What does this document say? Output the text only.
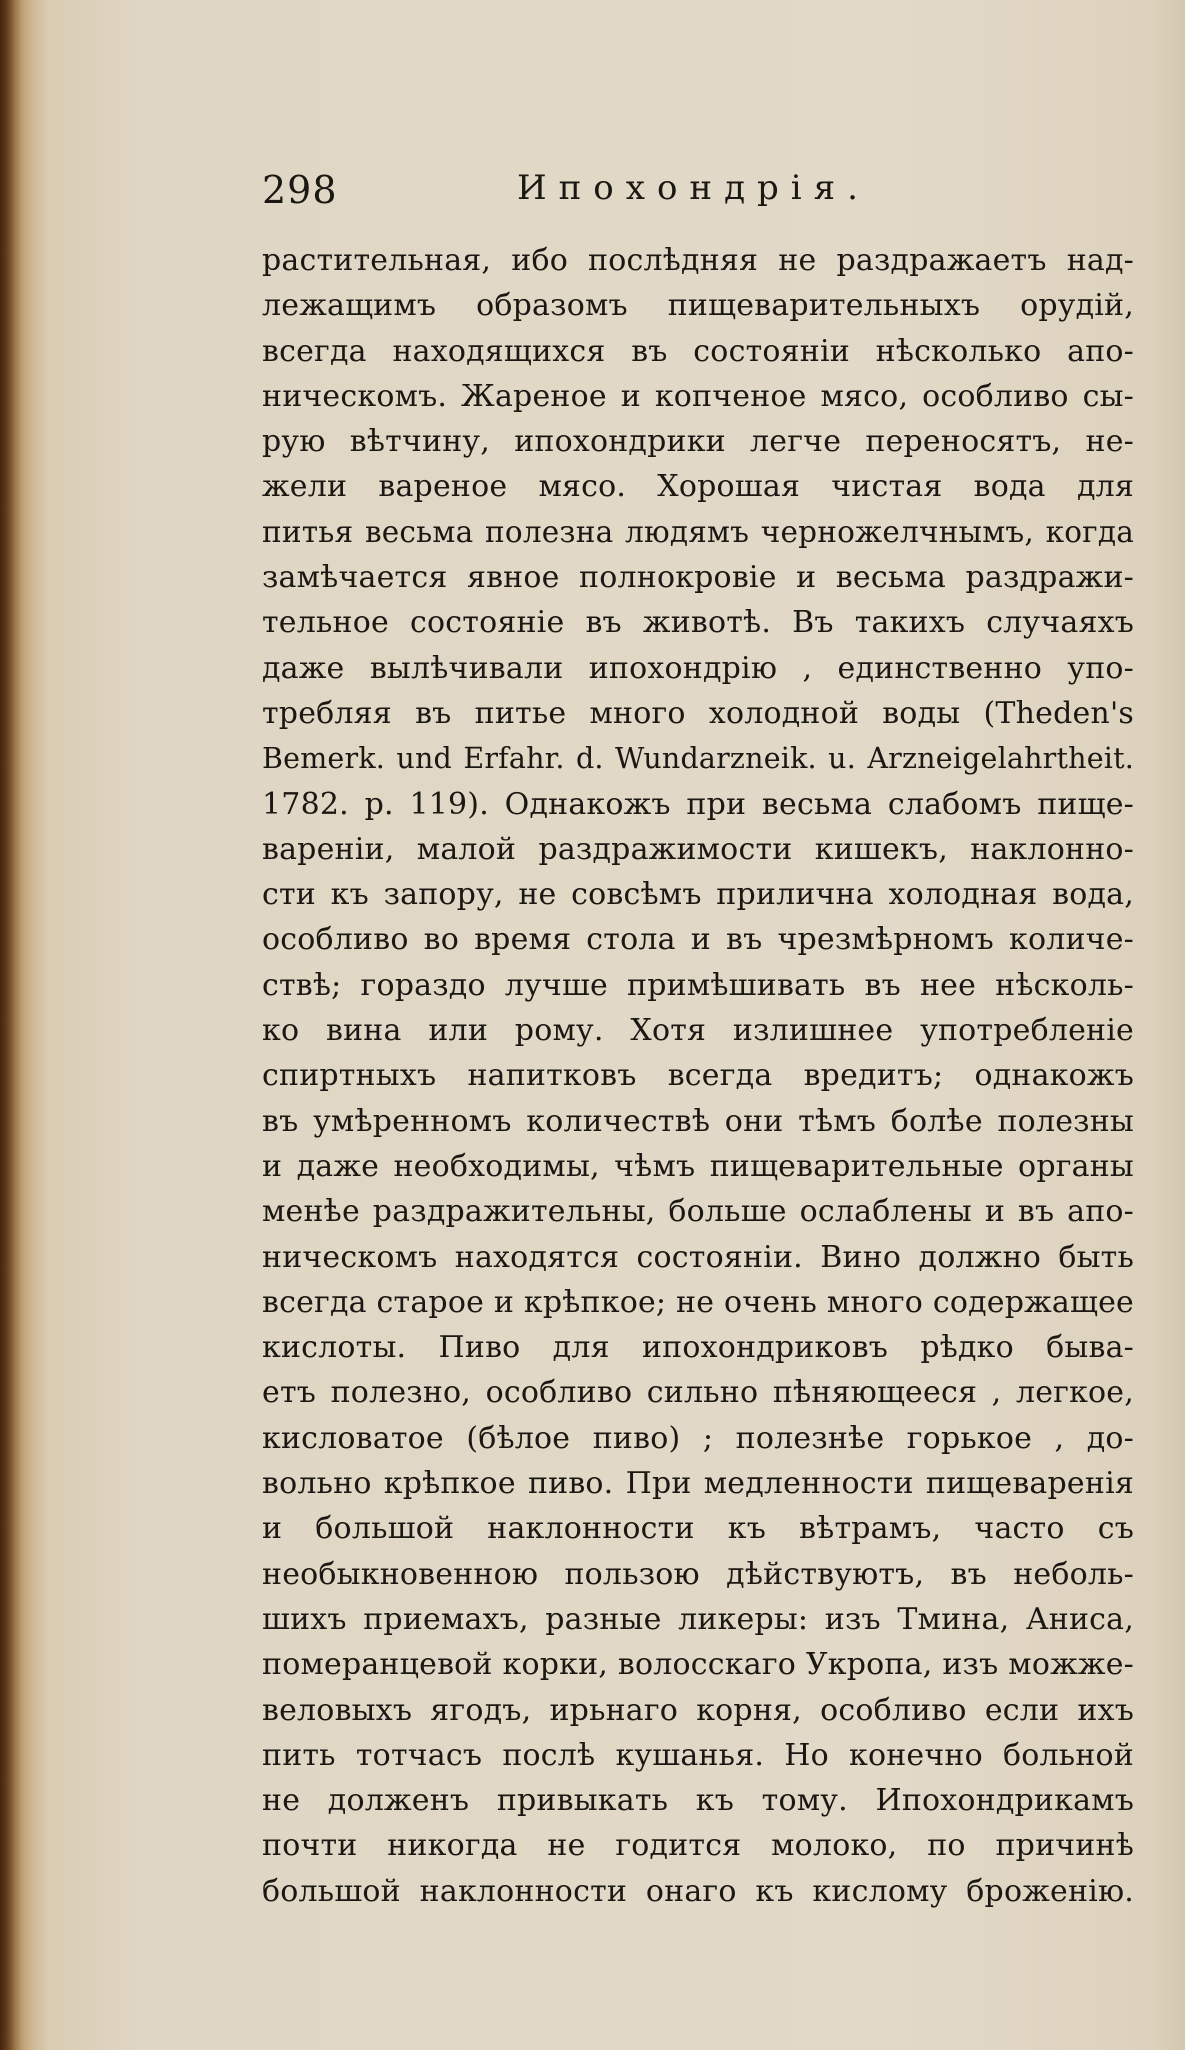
298	Ипохондрія.
растительная, ибо послѣдняя не раздражаетъ над-
лежащимъ образомъ пищеварительныхъ орудій,
всегда находящихся въ состояніи нѣсколько апо-
ническомъ. Жареное и копченое мясо, особливо сы-
рую вѣтчину, ипохондрики легче переносятъ, не-
жели вареное мясо. Хорошая чистая вода для
питья весьма полезна людямъ черножелчнымъ, когда
замѣчается явное полнокровіе и весьма раздражи-
тельное состояніе въ животѣ. Въ такихъ случаяхъ
даже вылѣчивали ипохондрію , единственно упо-
требляя въ питье много холодной воды (Theden's
Bemerk. und Erfahr. d. Wundarzneik. u. Arzneigelahrtheit.
1782. p. 119). Однакожъ при весьма слабомъ пище-
вареніи, малой раздражимости кишекъ, наклонно-
сти къ запору, не совсѣмъ прилична холодная вода,
особливо во время стола и въ чрезмѣрномъ количе-
ствѣ; гораздо лучше примѣшивать въ нее нѣсколь-
ко вина или рому. Хотя излишнее употребленіе
спиртныхъ напитковъ всегда вредитъ; однакожъ
въ умѣренномъ количествѣ они тѣмъ болѣе полезны
и даже необходимы, чѣмъ пищеварительные органы
менѣе раздражительны, больше ослаблены и въ апо-
ническомъ находятся состояніи. Вино должно быть
всегда старое и крѣпкое; не очень много содержащее
кислоты. Пиво для ипохондриковъ рѣдко быва-
етъ полезно, особливо сильно пѣняющееся , легкое,
кисловатое (бѣлое пиво) ; полезнѣе горькое , до-
вольно крѣпкое пиво. При медленности пищеваренія
и большой наклонности къ вѣтрамъ, часто съ
необыкновенною пользою дѣйствуютъ, въ неболь-
шихъ приемахъ, разные ликеры: изъ Тмина, Аниса,
померанцевой корки, волосскаго Укропа, изъ можже-
веловыхъ ягодъ, ирьнаго корня, особливо если ихъ
пить тотчасъ послѣ кушанья. Но конечно больной
не долженъ привыкать къ тому. Ипохондрикамъ
почти никогда не годится молоко, по причинѣ
большой наклонности онаго къ кислому броженію.
